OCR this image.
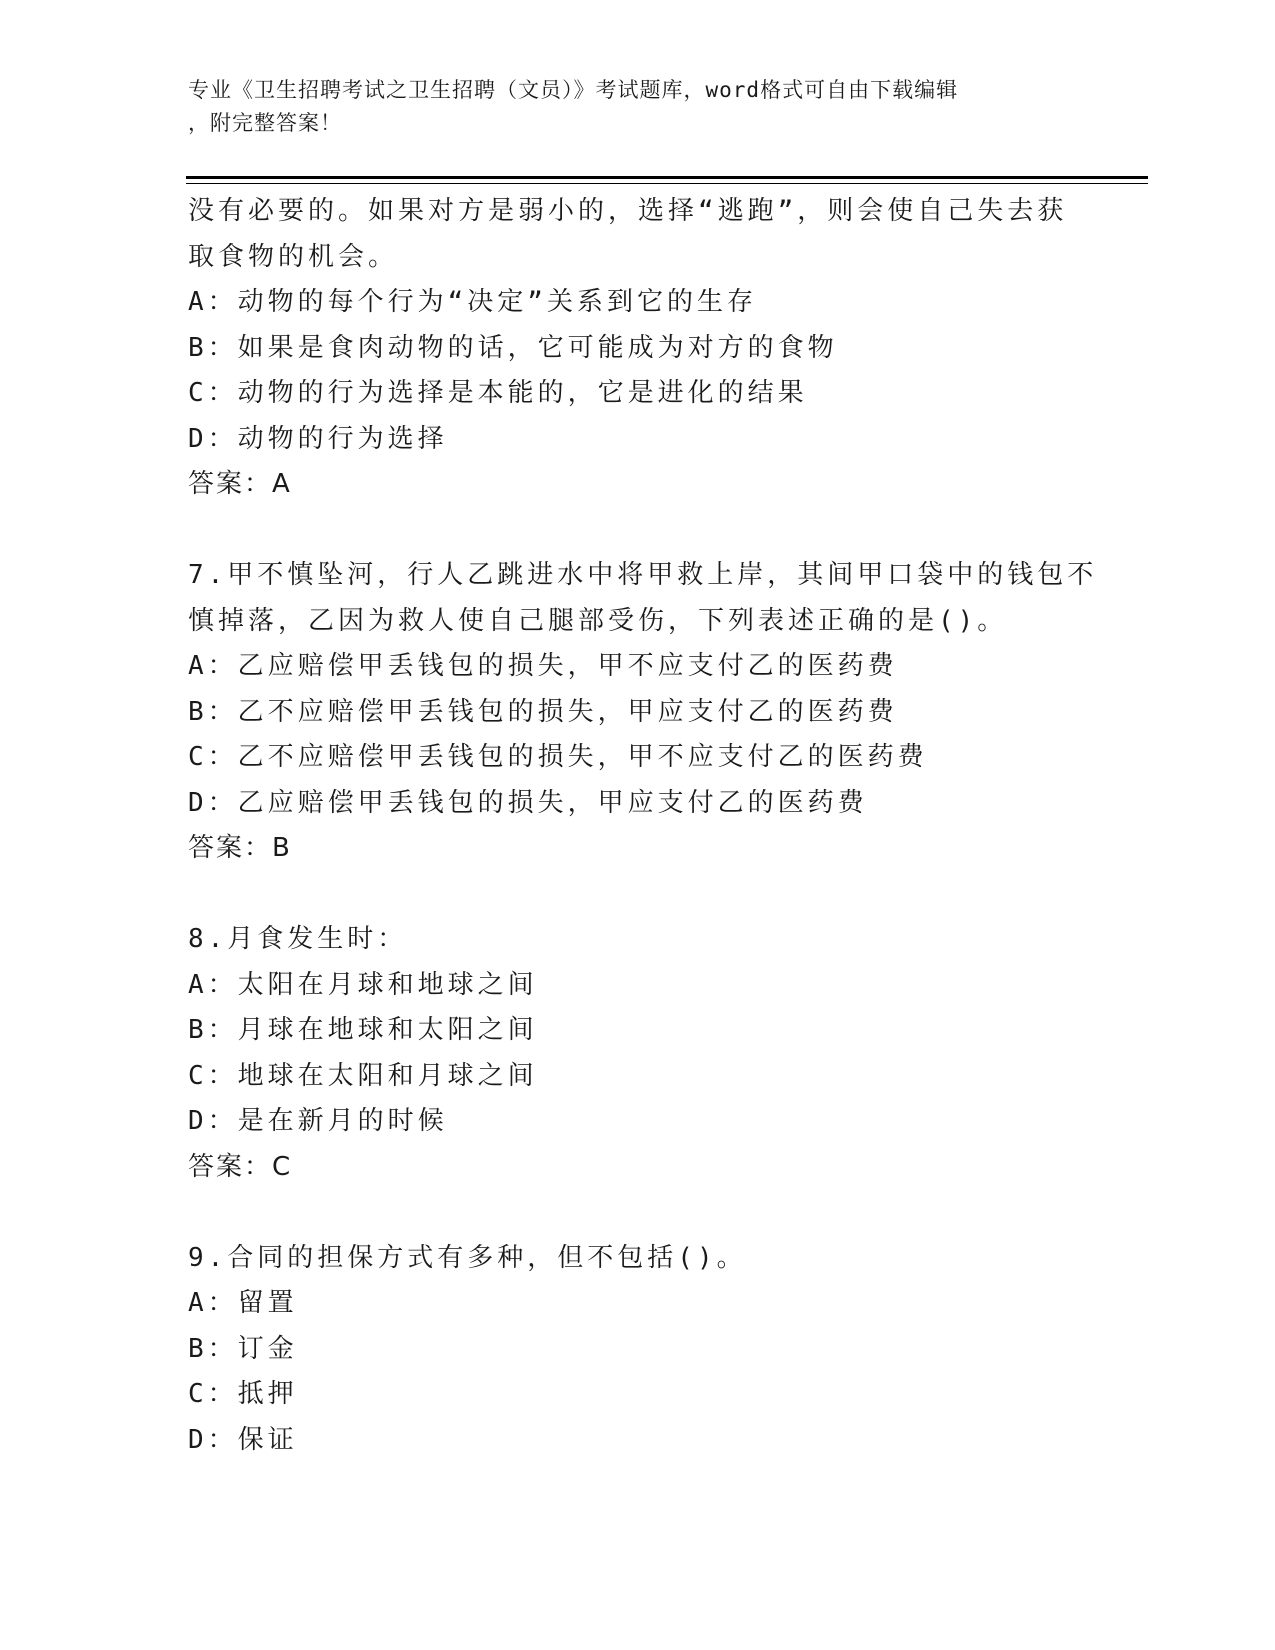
专业《卫生招聘考试之卫生招聘（文员）》考试题库，word格式可自由下载编辑
，附完整答案！
没有必要的。如果对方是弱小的，选择“逃跑”，则会使自己失去获
取食物的机会。
A：动物的每个行为“决定”关系到它的生存
B：如果是食肉动物的话，它可能成为对方的食物
C：动物的行为选择是本能的，它是进化的结果
D：动物的行为选择
答案：A
7.甲不慎坠河，行人乙跳进水中将甲救上岸，其间甲口袋中的钱包不
慎掉落，乙因为救人使自己腿部受伤，下列表述正确的是()。
A：乙应赔偿甲丢钱包的损失，甲不应支付乙的医药费
B：乙不应赔偿甲丢钱包的损失，甲应支付乙的医药费
C：乙不应赔偿甲丢钱包的损失，甲不应支付乙的医药费
D：乙应赔偿甲丢钱包的损失，甲应支付乙的医药费
答案：B
8.月食发生时：
A：太阳在月球和地球之间
B：月球在地球和太阳之间
C：地球在太阳和月球之间
D：是在新月的时候
答案：C
9.合同的担保方式有多种，但不包括()。
A：留置
B：订金
C：抵押
D：保证
